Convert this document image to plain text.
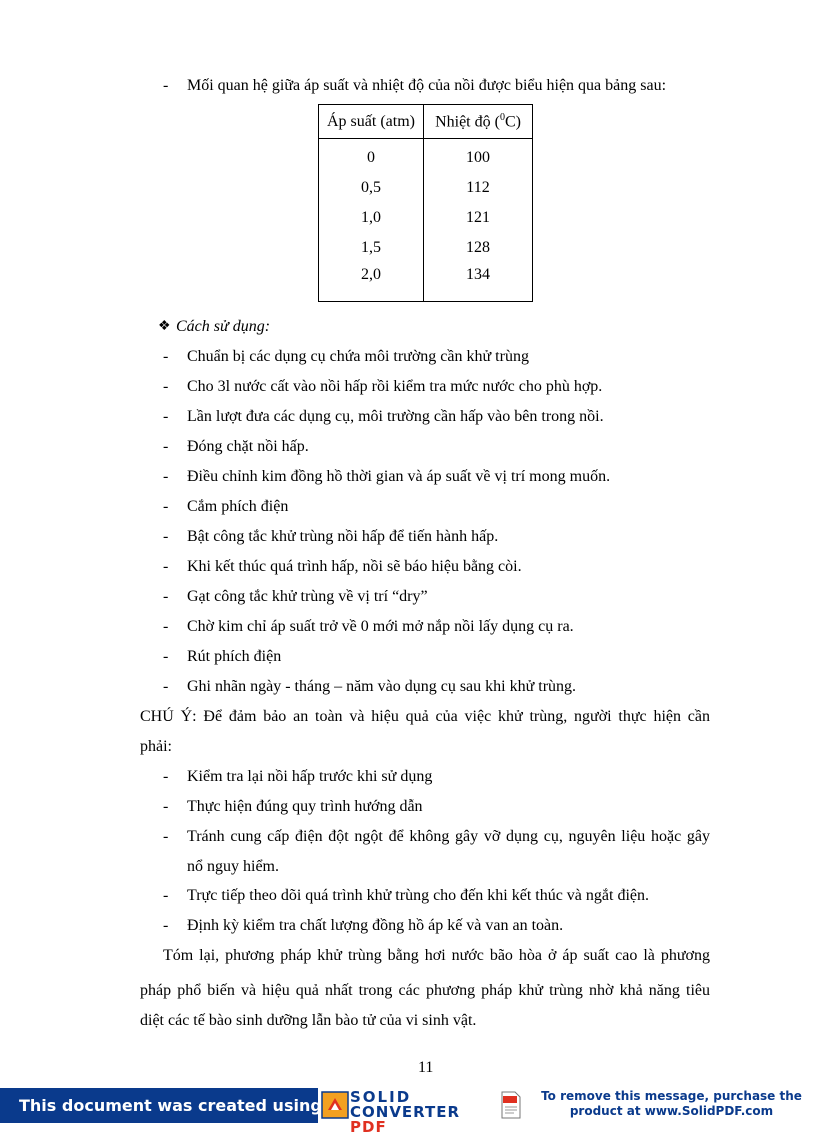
- Mối quan hệ giữa áp suất và nhiệt độ của nồi được biểu hiện qua bảng sau:
Áp suất (atm)	Nhiệt độ ($^0$C)
0	100
0,5	112
1,0	121
1,5	128
2,0	134
❖ Cách sử dụng:
- Chuẩn bị các dụng cụ chứa môi trường cần khử trùng
- Cho 3l nước cất vào nồi hấp rồi kiểm tra mức nước cho phù hợp.
- Lần lượt đưa các dụng cụ, môi trường cần hấp vào bên trong nồi.
- Đóng chặt nồi hấp.
- Điều chỉnh kim đồng hồ thời gian và áp suất về vị trí mong muốn.
- Cắm phích điện
- Bật công tắc khử trùng nồi hấp để tiến hành hấp.
- Khi kết thúc quá trình hấp, nồi sẽ báo hiệu bằng còi.
- Gạt công tắc khử trùng về vị trí “dry”
- Chờ kim chỉ áp suất trở về 0 mới mở nắp nồi lấy dụng cụ ra.
- Rút phích điện
- Ghi nhãn ngày - tháng – năm vào dụng cụ sau khi khử trùng.
CHÚ Ý: Để đảm bảo an toàn và hiệu quả của việc khử trùng, người thực hiện cần
phải:
- Kiểm tra lại nồi hấp trước khi sử dụng
- Thực hiện đúng quy trình hướng dẫn
- Tránh cung cấp điện đột ngột để không gây vỡ dụng cụ, nguyên liệu hoặc gây
nổ nguy hiểm.
- Trực tiếp theo dõi quá trình khử trùng cho đến khi kết thúc và ngắt điện.
- Định kỳ kiểm tra chất lượng đồng hồ áp kế và van an toàn.
Tóm lại, phương pháp khử trùng bằng hơi nước bão hòa ở áp suất cao là phương
pháp phổ biến và hiệu quả nhất trong các phương pháp khử trùng nhờ khả năng tiêu
diệt các tế bào sinh dưỡng lẫn bào tử của vi sinh vật.
11
This document was created using SOLID
CONVERTER PDF
To remove this message, purchase the
product at www.SolidPDF.com
